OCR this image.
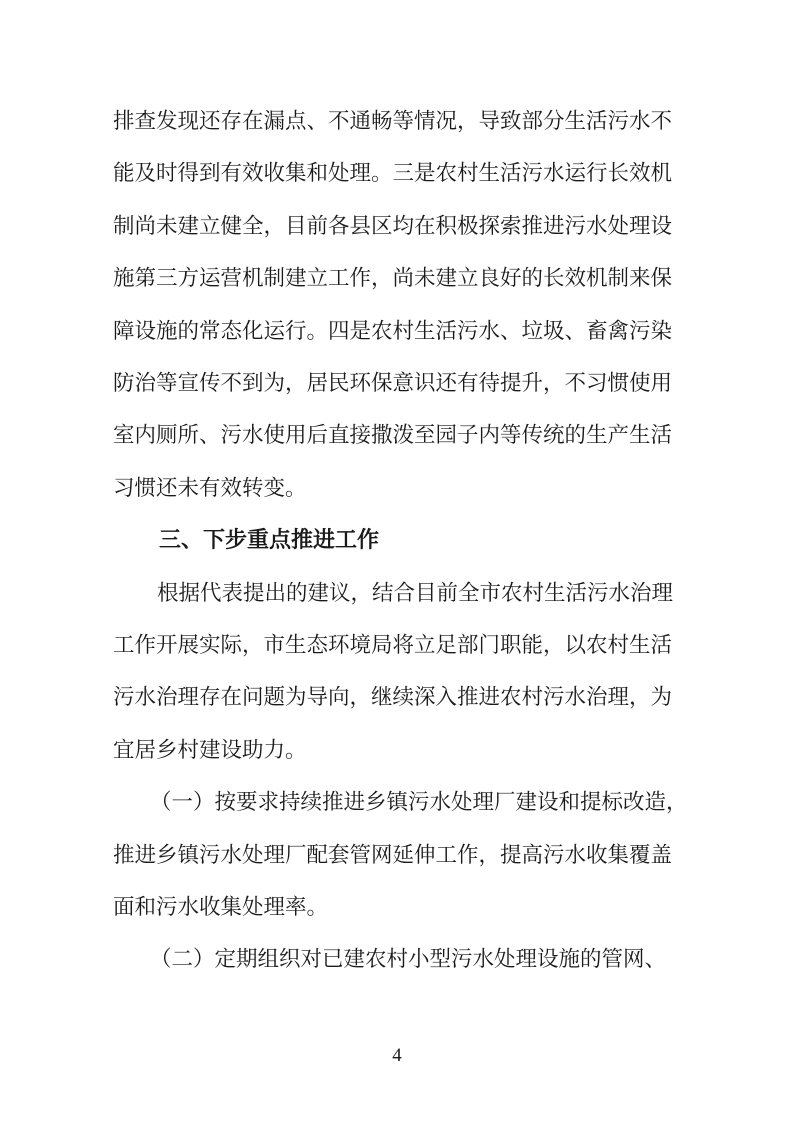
排查发现还存在漏点、不通畅等情况，导致部分生活污水不
能及时得到有效收集和处理。三是农村生活污水运行长效机
制尚未建立健全，目前各县区均在积极探索推进污水处理设
施第三方运营机制建立工作，尚未建立良好的长效机制来保
障设施的常态化运行。四是农村生活污水、垃圾、畜禽污染
防治等宣传不到为，居民环保意识还有待提升，不习惯使用
室内厕所、污水使用后直接撒泼至园子内等传统的生产生活
习惯还未有效转变。
三、下步重点推进工作
根据代表提出的建议，结合目前全市农村生活污水治理
工作开展实际，市生态环境局将立足部门职能，以农村生活
污水治理存在问题为导向，继续深入推进农村污水治理，为
宜居乡村建设助力。
（一）按要求持续推进乡镇污水处理厂建设和提标改造，
推进乡镇污水处理厂配套管网延伸工作，提高污水收集覆盖
面和污水收集处理率。
（二）定期组织对已建农村小型污水处理设施的管网、
4
